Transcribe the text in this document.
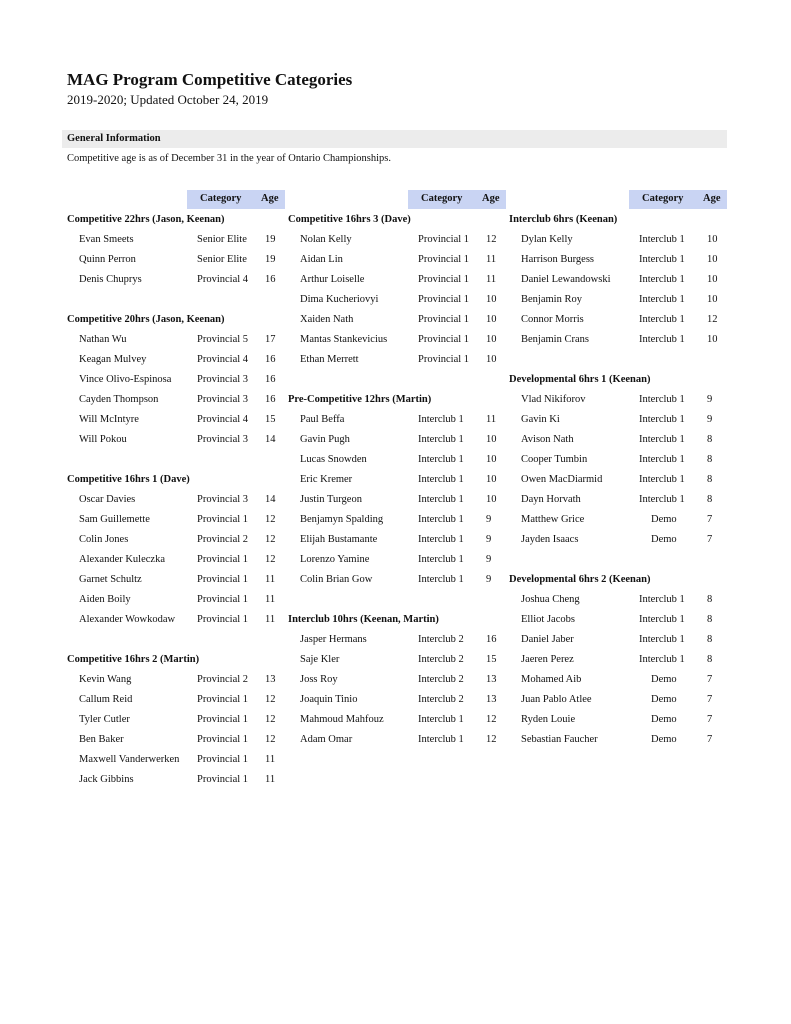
MAG Program Competitive Categories
2019-2020; Updated October 24, 2019
General Information
Competitive age is as of December 31 in the year of Ontario Championships.
Category Age
Competitive 22hrs (Jason, Keenan)
Evan Smeets	Senior Elite 19
Quinn Perron	Senior Elite 19
Denis Chuprys	Provincial 4 16
Competitive 20hrs (Jason, Keenan)
Nathan Wu	Provincial 5 17
Keagan Mulvey	Provincial 4 16
Vince Olivo-Espinosa Provincial 3 16
Cayden Thompson	Provincial 3 16
Will McIntyre	Provincial 4 15
Will Pokou	Provincial 3 14
Competitive 16hrs 1 (Dave)
Oscar Davies	Provincial 3 14
Sam Guillemette	Provincial 1 12
Colin Jones	Provincial 2 12
Alexander Kuleczka	Provincial 1 12
Garnet Schultz	Provincial 1 11
Aiden Boily	Provincial 1 11
Alexander Wowkodaw Provincial 1 11
Competitive 16hrs 2 (Martin)
Kevin Wang	Provincial 2 13
Callum Reid	Provincial 1 12
Tyler Cutler	Provincial 1 12
Ben Baker	Provincial 1 12
Maxwell Vanderwerken Provincial 1 11
Jack Gibbins	Provincial 1 11
Category Age
Competitive 16hrs 3 (Dave)
Nolan Kelly	Provincial 1 12
Aidan Lin	Provincial 1 11
Arthur Loiselle	Provincial 1 11
Dima Kucheriovyi	Provincial 1 10
Xaiden Nath	Provincial 1 10
Mantas Stankevicius	Provincial 1 10
Ethan Merrett	Provincial 1 10
Pre-Competitive 12hrs (Martin)
Paul Beffa	Interclub 1 11
Gavin Pugh	Interclub 1 10
Lucas Snowden	Interclub 1 10
Eric Kremer	Interclub 1 10
Justin Turgeon	Interclub 1 10
Benjamyn Spalding	Interclub 1 9
Elijah Bustamante	Interclub 1 9
Lorenzo Yamine	Interclub 1 9
Colin Brian Gow	Interclub 1 9
Interclub 10hrs (Keenan, Martin)
Jasper Hermans	Interclub 2 16
Saje Kler	Interclub 2 15
Joss Roy	Interclub 2 13
Joaquin Tinio	Interclub 2 13
Mahmoud Mahfouz	Interclub 1 12
Adam Omar	Interclub 1 12
Category Age
Interclub 6hrs (Keenan)
Dylan Kelly	Interclub 1 10
Harrison Burgess	Interclub 1 10
Daniel Lewandowski	Interclub 1 10
Benjamin Roy	Interclub 1 10
Connor Morris	Interclub 1 12
Benjamin Crans	Interclub 1 10
Developmental 6hrs 1 (Keenan)
Vlad Nikiforov	Interclub 1 9
Gavin Ki	Interclub 1 9
Avison Nath	Interclub 1 8
Cooper Tumbin	Interclub 1 8
Owen MacDiarmid	Interclub 1 8
Dayn Horvath	Interclub 1 8
Matthew Grice	Demo	7
Jayden Isaacs	Demo	7
Developmental 6hrs 2 (Keenan)
Joshua Cheng	Interclub 1 8
Elliot Jacobs	Interclub 1 8
Daniel Jaber	Interclub 1 8
Jaeren Perez	Interclub 1 8
Mohamed Aib	Demo	7
Juan Pablo Atlee	Demo	7
Ryden Louie	Demo	7
Sebastian Faucher	Demo	7
